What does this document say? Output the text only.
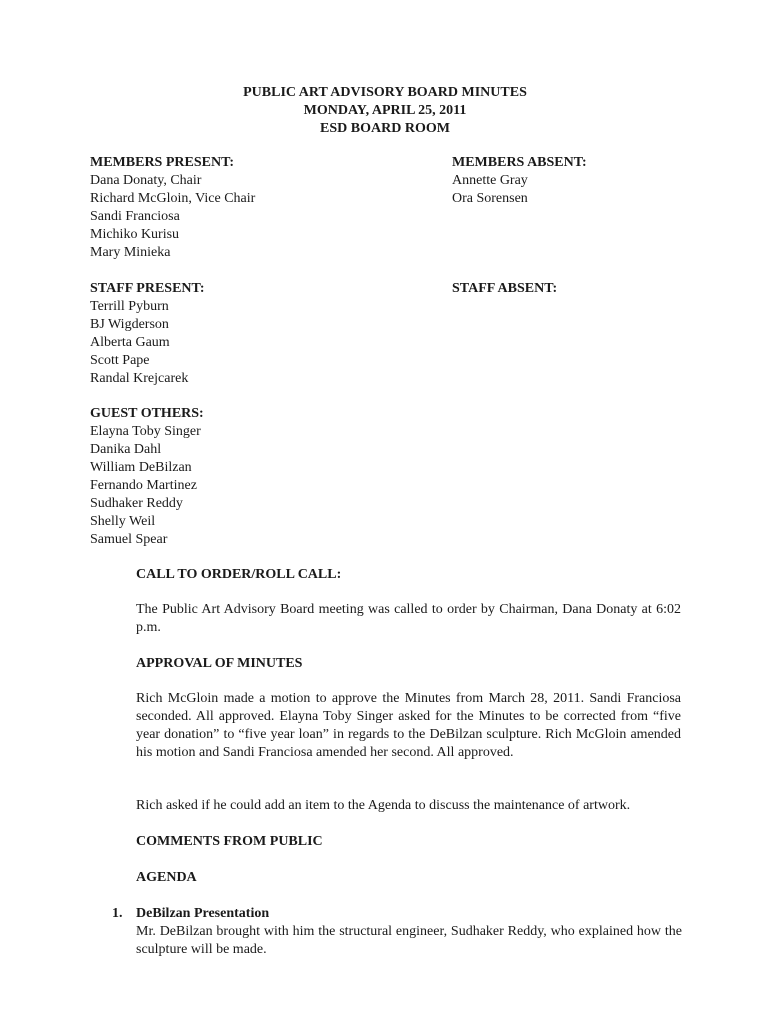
PUBLIC ART ADVISORY BOARD MINUTES
MONDAY, APRIL 25, 2011
ESD BOARD ROOM
MEMBERS PRESENT:
Dana Donaty, Chair
Richard McGloin, Vice Chair
Sandi Franciosa
Michiko Kurisu
Mary Minieka
MEMBERS ABSENT:
Annette Gray
Ora Sorensen
STAFF PRESENT:
Terrill Pyburn
BJ Wigderson
Alberta Gaum
Scott Pape
Randal Krejcarek
STAFF ABSENT:
GUEST OTHERS:
Elayna Toby Singer
Danika Dahl
William DeBilzan
Fernando Martinez
Sudhaker Reddy
Shelly Weil
Samuel Spear
CALL TO ORDER/ROLL CALL:

The Public Art Advisory Board meeting was called to order by Chairman, Dana Donaty at 6:02 p.m.

APPROVAL OF MINUTES

Rich McGloin made a motion to approve the Minutes from March 28, 2011. Sandi Franciosa seconded. All approved. Elayna Toby Singer asked for the Minutes to be corrected from “five year donation” to “five year loan” in regards to the DeBilzan sculpture. Rich McGloin amended his motion and Sandi Franciosa amended her second. All approved.

Rich asked if he could add an item to the Agenda to discuss the maintenance of artwork.

COMMENTS FROM PUBLIC
AGENDA
1. DeBilzan Presentation
Mr. DeBilzan brought with him the structural engineer, Sudhaker Reddy, who explained how the sculpture will be made.
